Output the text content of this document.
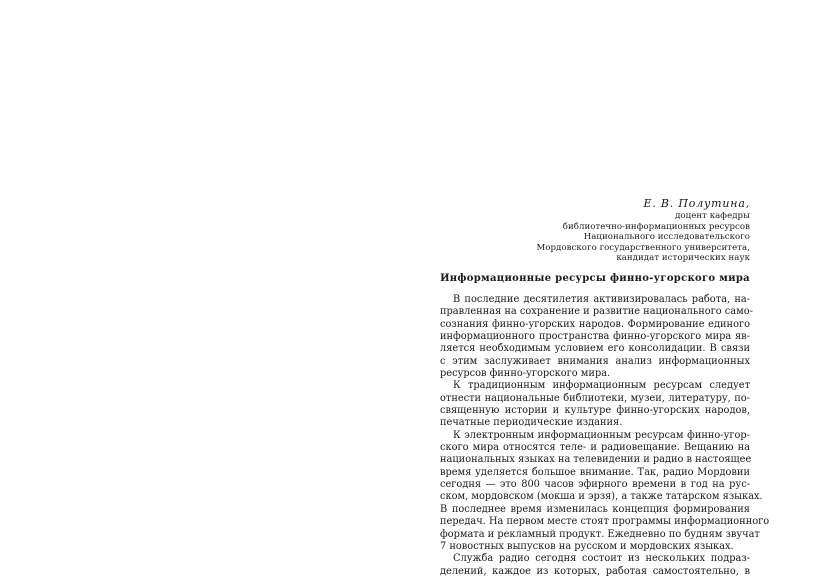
Е. В. Полутина,
доцент кафедры
библиотечно-информационных ресурсов
Национального исследовательского
Мордовского государственного университета,
кандидат исторических наук
Информационные ресурсы финно-угорского мира
В последние десятилетия активизировалась работа, на-
правленная на сохранение и развитие национального само-
сознания финно-угорских народов. Формирование единого
информационного пространства финно-угорского мира яв-
ляется необходимым условием его консолидации. В связи
с этим заслуживает внимания анализ информационных
ресурсов финно-угорского мира.
К традиционным информационным ресурсам следует
отнести национальные библиотеки, музеи, литературу, по-
священную истории и культуре финно-угорских народов,
печатные периодические издания.
К электронным информационным ресурсам финно-угор-
ского мира относятся теле- и радиовещание. Вещанию на
национальных языках на телевидении и радио в настоящее
время уделяется большое внимание. Так, радио Мордовии
сегодня — это 800 часов эфирного времени в год на рус-
ском, мордовском (мокша и эрзя), а также татарском языках.
В последнее время изменилась концепция формирования
передач. На первом месте стоят программы информационного
формата и рекламный продукт. Ежедневно по будням звучат
7 новостных выпусков на русском и мордовских языках.
Служба радио сегодня состоит из нескольких подраз-
делений, каждое из которых, работая самостоятельно, в
